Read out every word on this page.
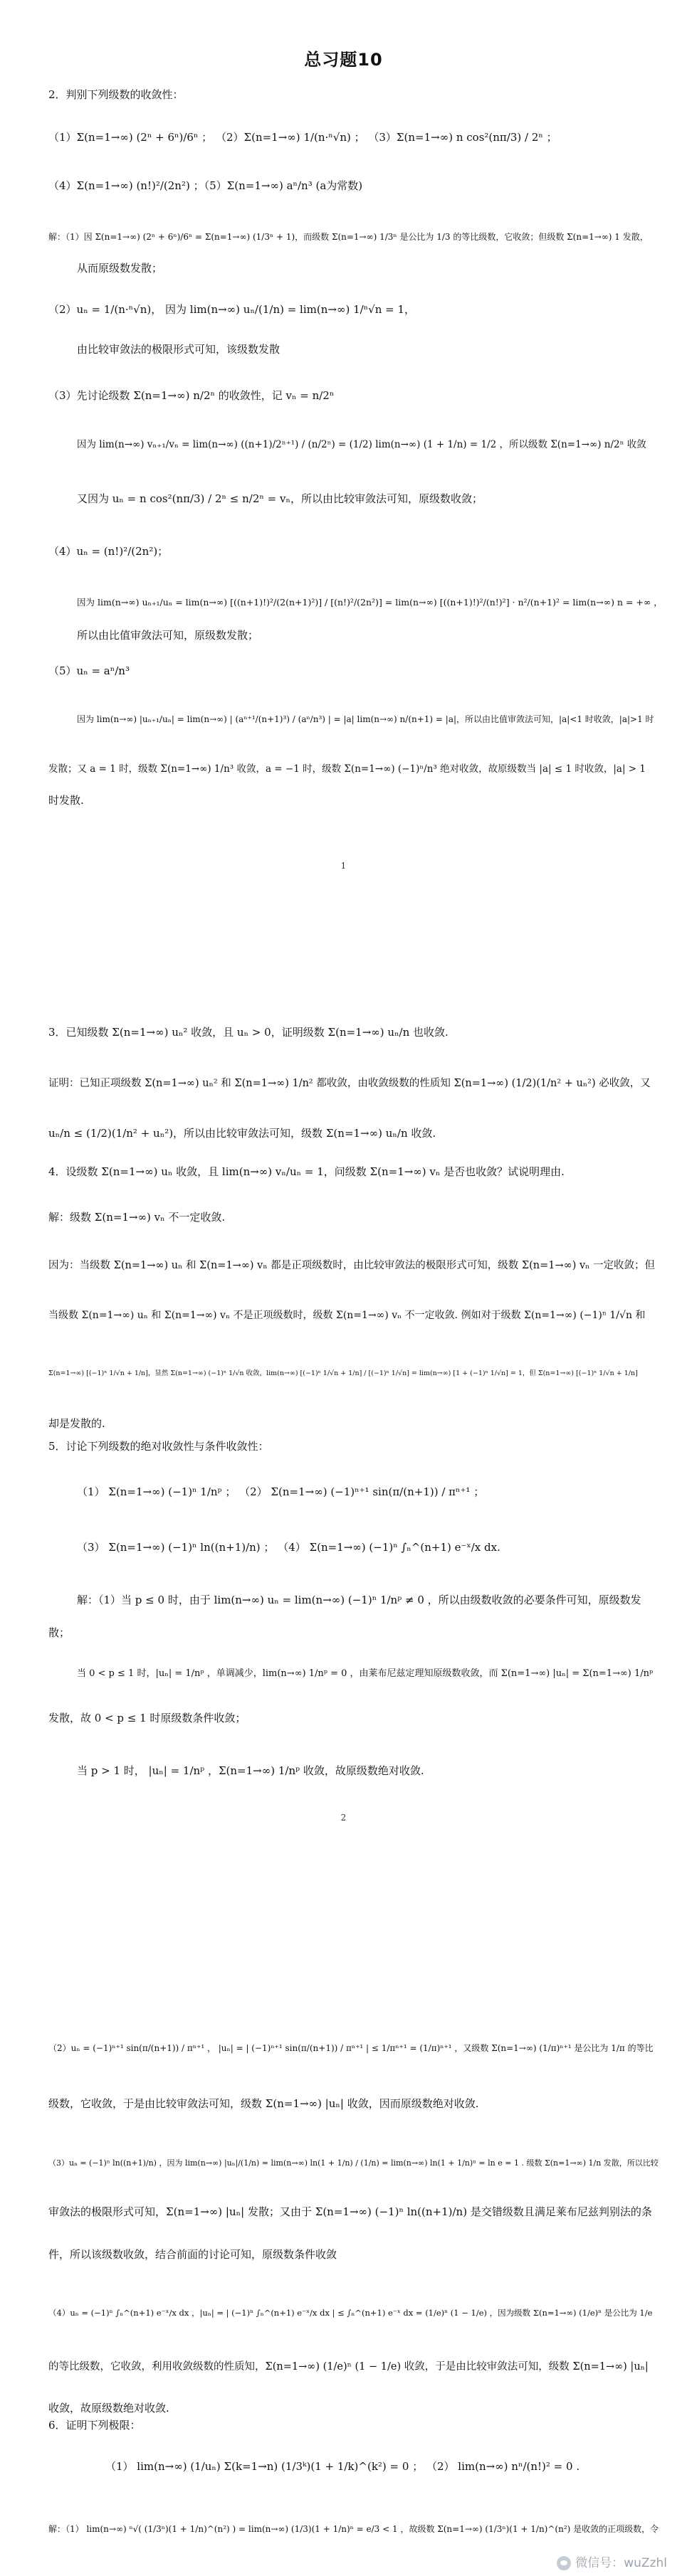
总习题10
2．判别下列级数的收敛性：
（1）Σ(n=1→∞) (2ⁿ + 6ⁿ)/6ⁿ ； （2）Σ(n=1→∞) 1/(n·ⁿ√n) ； （3）Σ(n=1→∞) n cos²(nπ/3) / 2ⁿ ；
（4）Σ(n=1→∞) (n!)²/(2n²) ；（5）Σ(n=1→∞) aⁿ/n³ (a为常数)
解：（1）因 Σ(n=1→∞) (2ⁿ + 6ⁿ)/6ⁿ = Σ(n=1→∞) (1/3ⁿ + 1)，而级数 Σ(n=1→∞) 1/3ⁿ 是公比为 1/3 的等比级数，它收敛；但级数 Σ(n=1→∞) 1 发散，
从而原级数发散；
（2）uₙ = 1/(n·ⁿ√n)， 因为 lim(n→∞) uₙ/(1/n) = lim(n→∞) 1/ⁿ√n = 1，
由比较审敛法的极限形式可知，该级数发散
（3）先讨论级数 Σ(n=1→∞) n/2ⁿ 的收敛性，记 vₙ = n/2ⁿ
因为 lim(n→∞) vₙ₊₁/vₙ = lim(n→∞) ((n+1)/2ⁿ⁺¹) / (n/2ⁿ) = (1/2) lim(n→∞) (1 + 1/n) = 1/2 ，所以级数 Σ(n=1→∞) n/2ⁿ 收敛
又因为 uₙ = n cos²(nπ/3) / 2ⁿ ≤ n/2ⁿ = vₙ，所以由比较审敛法可知，原级数收敛；
（4）uₙ = (n!)²/(2n²)；
因为 lim(n→∞) uₙ₊₁/uₙ = lim(n→∞) [((n+1)!)²/(2(n+1)²)] / [(n!)²/(2n²)] = lim(n→∞) [((n+1)!)²/(n!)²] · n²/(n+1)² = lim(n→∞) n = +∞ ，
所以由比值审敛法可知，原级数发散；
（5）uₙ = aⁿ/n³
因为 lim(n→∞) |uₙ₊₁/uₙ| = lim(n→∞) | (aⁿ⁺¹/(n+1)³) / (aⁿ/n³) | = |a| lim(n→∞) n/(n+1) = |a|，所以由比值审敛法可知，|a|<1 时收敛，|a|>1 时
发散；又 a = 1 时，级数 Σ(n=1→∞) 1/n³ 收敛，a = −1 时，级数 Σ(n=1→∞) (−1)ⁿ/n³ 绝对收敛，故原级数当 |a| ≤ 1 时收敛，|a| > 1
时发散.
1
3．已知级数 Σ(n=1→∞) uₙ² 收敛，且 uₙ > 0，证明级数 Σ(n=1→∞) uₙ/n 也收敛.
证明：已知正项级数 Σ(n=1→∞) uₙ² 和 Σ(n=1→∞) 1/n² 都收敛，由收敛级数的性质知 Σ(n=1→∞) (1/2)(1/n² + uₙ²) 必收敛，又
uₙ/n ≤ (1/2)(1/n² + uₙ²)，所以由比较审敛法可知，级数 Σ(n=1→∞) uₙ/n 收敛.
4．设级数 Σ(n=1→∞) uₙ 收敛，且 lim(n→∞) vₙ/uₙ = 1，问级数 Σ(n=1→∞) vₙ 是否也收敛？试说明理由.
解：级数 Σ(n=1→∞) vₙ 不一定收敛.
因为：当级数 Σ(n=1→∞) uₙ 和 Σ(n=1→∞) vₙ 都是正项级数时，由比较审敛法的极限形式可知，级数 Σ(n=1→∞) vₙ 一定收敛；但
当级数 Σ(n=1→∞) uₙ 和 Σ(n=1→∞) vₙ 不是正项级数时，级数 Σ(n=1→∞) vₙ 不一定收敛. 例如对于级数 Σ(n=1→∞) (−1)ⁿ 1/√n 和
Σ(n=1→∞) [(−1)ⁿ 1/√n + 1/n]，显然 Σ(n=1→∞) (−1)ⁿ 1/√n 收敛，lim(n→∞) [(−1)ⁿ 1/√n + 1/n] / [(−1)ⁿ 1/√n] = lim(n→∞) [1 + (−1)ⁿ 1/√n] = 1，但 Σ(n=1→∞) [(−1)ⁿ 1/√n + 1/n]
却是发散的.
5．讨论下列级数的绝对收敛性与条件收敛性：
（1） Σ(n=1→∞) (−1)ⁿ 1/nᵖ ； （2） Σ(n=1→∞) (−1)ⁿ⁺¹ sin(π/(n+1)) / πⁿ⁺¹ ；
（3） Σ(n=1→∞) (−1)ⁿ ln((n+1)/n) ； （4） Σ(n=1→∞) (−1)ⁿ ∫ₙ^(n+1) e⁻ˣ/x dx.
解：（1）当 p ≤ 0 时，由于 lim(n→∞) uₙ = lim(n→∞) (−1)ⁿ 1/nᵖ ≠ 0 ，所以由级数收敛的必要条件可知，原级数发
散；
当 0 < p ≤ 1 时，|uₙ| = 1/nᵖ ，单调减少，lim(n→∞) 1/nᵖ = 0 ，由莱布尼兹定理知原级数收敛，而 Σ(n=1→∞) |uₙ| = Σ(n=1→∞) 1/nᵖ
发散，故 0 < p ≤ 1 时原级数条件收敛；
当 p > 1 时， |uₙ| = 1/nᵖ ，Σ(n=1→∞) 1/nᵖ 收敛，故原级数绝对收敛.
2
（2）uₙ = (−1)ⁿ⁺¹ sin(π/(n+1)) / πⁿ⁺¹ ， |uₙ| = | (−1)ⁿ⁺¹ sin(π/(n+1)) / πⁿ⁺¹ | ≤ 1/πⁿ⁺¹ = (1/π)ⁿ⁺¹ ，又级数 Σ(n=1→∞) (1/π)ⁿ⁺¹ 是公比为 1/π 的等比
级数，它收敛，于是由比较审敛法可知，级数 Σ(n=1→∞) |uₙ| 收敛，因而原级数绝对收敛.
（3）uₙ = (−1)ⁿ ln((n+1)/n) ，因为 lim(n→∞) |uₙ|/(1/n) = lim(n→∞) ln(1 + 1/n) / (1/n) = lim(n→∞) ln(1 + 1/n)ⁿ = ln e = 1 . 级数 Σ(n=1→∞) 1/n 发散，所以比较
审敛法的极限形式可知，Σ(n=1→∞) |uₙ| 发散；又由于 Σ(n=1→∞) (−1)ⁿ ln((n+1)/n) 是交错级数且满足莱布尼兹判别法的条
件，所以该级数收敛，结合前面的讨论可知，原级数条件收敛
（4）uₙ = (−1)ⁿ ∫ₙ^(n+1) e⁻ˣ/x dx ，|uₙ| = | (−1)ⁿ ∫ₙ^(n+1) e⁻ˣ/x dx | ≤ ∫ₙ^(n+1) e⁻ˣ dx = (1/e)ⁿ (1 − 1/e) ，因为级数 Σ(n=1→∞) (1/e)ⁿ 是公比为 1/e
的等比级数，它收敛，利用收敛级数的性质知，Σ(n=1→∞) (1/e)ⁿ (1 − 1/e) 收敛，于是由比较审敛法可知，级数 Σ(n=1→∞) |uₙ|
收敛，故原级数绝对收敛.
6．证明下列极限：
（1） lim(n→∞) (1/uₙ) Σ(k=1→n) (1/3ᵏ)(1 + 1/k)^(k²) = 0 ； （2） lim(n→∞) nⁿ/(n!)² = 0 .
解：（1） lim(n→∞) ⁿ√( (1/3ⁿ)(1 + 1/n)^(n²) ) = lim(n→∞) (1/3)(1 + 1/n)ⁿ = e/3 < 1 ，故级数 Σ(n=1→∞) (1/3ⁿ)(1 + 1/n)^(n²) 是收敛的正项级数，令
微信号：wuZzhl
